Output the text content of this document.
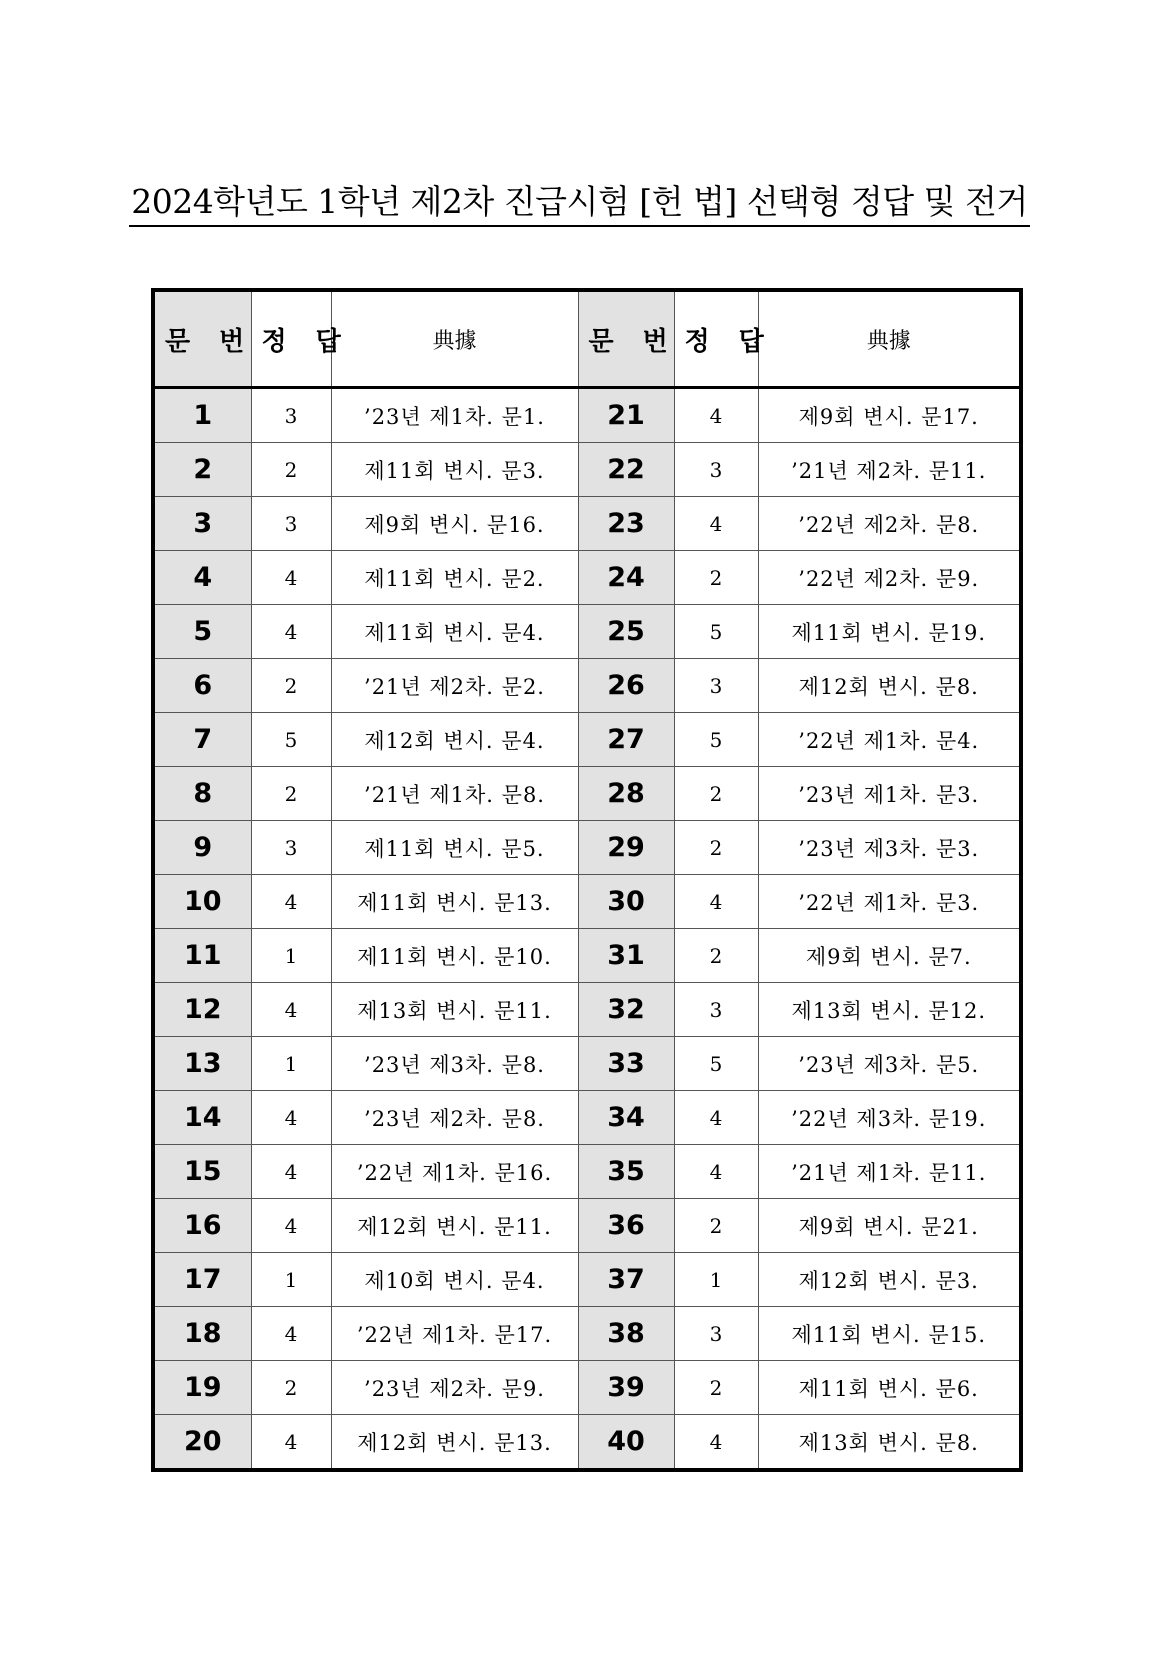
2024학년도 1학년 제2차 진급시험 [헌 법] 선택형 정답 및 전거
문 번	정 답	典據	문 번	정 답	典據
1	3	’23년 제1차. 문1.	21	4	제9회 변시. 문17.
2	2	제11회 변시. 문3.	22	3	’21년 제2차. 문11.
3	3	제9회 변시. 문16.	23	4	’22년 제2차. 문8.
4	4	제11회 변시. 문2.	24	2	’22년 제2차. 문9.
5	4	제11회 변시. 문4.	25	5	제11회 변시. 문19.
6	2	’21년 제2차. 문2.	26	3	제12회 변시. 문8.
7	5	제12회 변시. 문4.	27	5	’22년 제1차. 문4.
8	2	’21년 제1차. 문8.	28	2	’23년 제1차. 문3.
9	3	제11회 변시. 문5.	29	2	’23년 제3차. 문3.
10	4	제11회 변시. 문13.	30	4	’22년 제1차. 문3.
11	1	제11회 변시. 문10.	31	2	제9회 변시. 문7.
12	4	제13회 변시. 문11.	32	3	제13회 변시. 문12.
13	1	’23년 제3차. 문8.	33	5	’23년 제3차. 문5.
14	4	’23년 제2차. 문8.	34	4	’22년 제3차. 문19.
15	4	’22년 제1차. 문16.	35	4	’21년 제1차. 문11.
16	4	제12회 변시. 문11.	36	2	제9회 변시. 문21.
17	1	제10회 변시. 문4.	37	1	제12회 변시. 문3.
18	4	’22년 제1차. 문17.	38	3	제11회 변시. 문15.
19	2	’23년 제2차. 문9.	39	2	제11회 변시. 문6.
20	4	제12회 변시. 문13.	40	4	제13회 변시. 문8.
